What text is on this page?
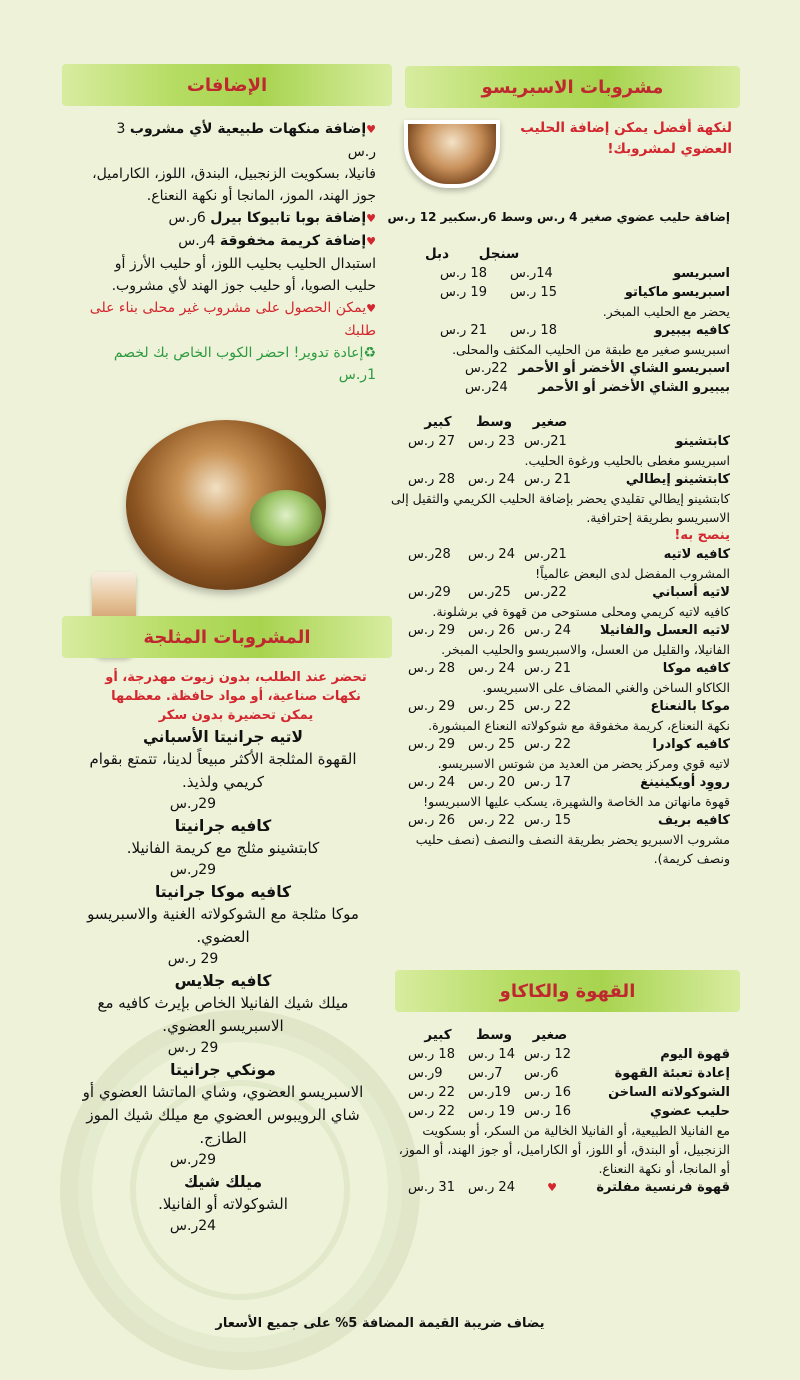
مشروبات الاسبريسو
لنكهة أفضل يمكن إضافة الحليب العضوي لمشروبك!
إضافة حليب عضوي صغير 4 ر.س وسط 6ر.سكبير 12 ر.س
سنجل
دبل
اسبريسو
14ر.س
18 ر.س
اسبريسو ماكياتو
15 ر.س
19 ر.س
يحضر مع الحليب المبخر.
كافيه بيبيرو
18 ر.س
21 ر.س
اسبريسو صغير مع طبقة من الحليب المكثف والمحلى.
اسبريسو الشاي الأخضر أو الأحمر
22ر.س
بيبيرو الشاي الأخضر أو الأحمر
24ر.س
صغير
وسط
كبير
كابتشينو
21ر.س
23 ر.س
27 ر.س
اسبريسو مغطى بالحليب ورغوة الحليب.
كابتشينو إيطالي
21 ر.س
24 ر.س
28 ر.س
كابتشينو إيطالي تقليدي يحضر بإضافة الحليب الكريمي والثقيل إلى الاسبريسو بطريقة إحترافية.
ينصح به!
كافيه لاتيه
21ر.س
24 ر.س
28ر.س
المشروب المفضل لدى البعض عالمياً!
لاتيه أسباني
22ر.س
25ر.س
29ر.س
كافيه لاتيه كريمي ومحلى مستوحى من قهوة في برشلونة.
لاتيه العسل والفانيلا
24 ر.س
26 ر.س
29 ر.س
الفانيلا، والقليل من العسل، والاسبريسو والحليب المبخر.
كافيه موكا
21 ر.س
24 ر.س
28 ر.س
الكاكاو الساخن والغني المضاف على الاسبريسو.
موكا بالنعناع
22 ر.س
25 ر.س
29 ر.س
نكهة النعناع، كريمة مخفوقة مع شوكولاته النعناع المبشورة.
كافيه كوادرا
22 ر.س
25 ر.س
29 ر.س
لاتيه قوي ومركز يحضر من العديد من شوتس الاسبريسو.
رووِد أويكينينغ
17 ر.س
20 ر.س
24 ر.س
قهوة مانهاتن مد الخاصة والشهيرة، يسكب عليها الاسبريسو!
كافيه بريف
15 ر.س
22 ر.س
26 ر.س
مشروب الاسبريو يحضر بطريقة النصف والنصف (نصف حليب ونصف كريمة).
القهوة والكاكاو
صغير
وسط
كبير
قهوة اليوم
12 ر.س
14 ر.س
18 ر.س
إعادة تعبئة القهوة
6ر.س
7ر.س
9ر.س
الشوكولاته الساخن
16 ر.س
19ر.س
22 ر.س
حليب عضوي
16 ر.س
19 ر.س
22 ر.س
مع الفانيلا الطبيعية، أو الفانيلا الخالية من السكر، أو بسكويت الزنجبيل، أو البندق، أو اللوز، أو الكاراميل، أو جوز الهند، أو الموز، أو المانجا، أو نكهة النعناع.
قهوة فرنسية مفلترة
♥
24 ر.س
31 ر.س
الإضافات
♥إضافة منكهات طبيعية لأي مشروب 3 ر.س
فانيلا، بسكويت الزنجبيل، البندق، اللوز، الكاراميل، جوز الهند، الموز، المانجا أو نكهة النعناع.
♥إضافة بوبا تابيوكا بيرل 6ر.س
♥إضافة كريمة مخفوقة 4ر.س
استبدال الحليب بحليب اللوز، أو حليب الأرز أو حليب الصويا، أو حليب جوز الهند لأي مشروب.
♥يمكن الحصول على مشروب غير محلى بناء على طلبك
♻إعادة تدوير! احضر الكوب الخاص بك لخصم 1ر.س
المشروبات المثلجة
تحضر عند الطلب، بدون زيوت مهدرجة، أو نكهات صناعية، أو مواد حافظة. معظمها يمكن تحضيرة بدون سكر
لاتيه جرانيتا الأسباني
القهوة المثلجة الأكثر مبيعاً لدينا، تتمتع بقوام كريمي ولذيذ.
29ر.س
كافيه جرانيتا
كابتشينو مثلج مع كريمة الفانيلا.
29ر.س
كافيه موكا جرانيتا
موكا مثلجة مع الشوكولاته الغنية والاسبريسو العضوي.
29 ر.س
كافيه جلايس
ميلك شيك الفانيلا الخاص بإيرث كافيه مع الاسبريسو العضوي.
29 ر.س
مونكي جرانيتا
الاسبريسو العضوي، وشاي الماتشا العضوي أو شاي الرويبوس العضوي مع ميلك شيك الموز الطازج.
29ر.س
ميلك شيك
الشوكولاته أو الفانيلا.
24ر.س
يضاف ضريبة القيمة المضافة 5% على جميع الأسعار
